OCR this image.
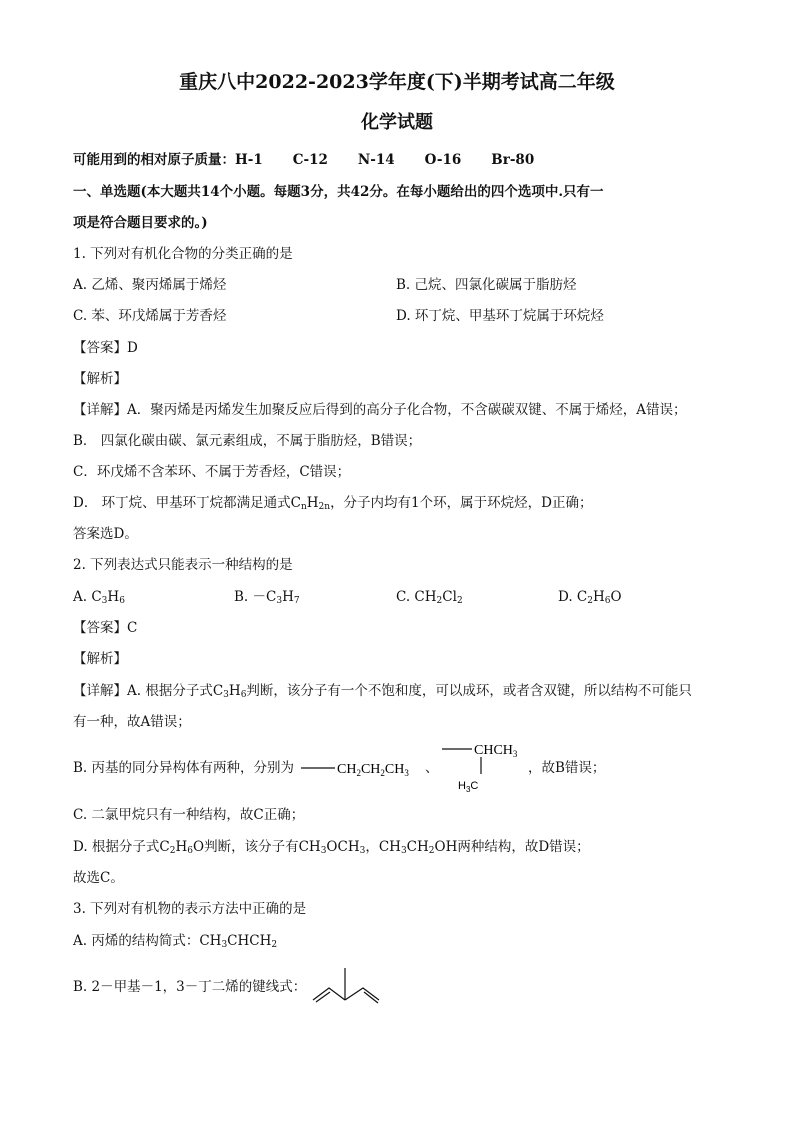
重庆八中2022-2023学年度(下)半期考试高二年级
化学试题
可能用到的相对原子质量：H-1 C-12 N-14 O-16 Br-80
一、单选题(本大题共14个小题。每题3分，共42分。在每小题给出的四个选项中.只有一
项是符合题目要求的。)
1. 下列对有机化合物的分类正确的是
A. 乙烯、聚丙烯属于烯烃	B. 己烷、四氯化碳属于脂肪烃
C. 苯、环戊烯属于芳香烃	D. 环丁烷、甲基环丁烷属于环烷烃
【答案】D
【解析】
【详解】A．聚丙烯是丙烯发生加聚反应后得到的高分子化合物，不含碳碳双键、不属于烯烃，A错误；
B． 四氯化碳由碳、氯元素组成，不属于脂肪烃，B错误；
C．环戊烯不含苯环、不属于芳香烃，C错误；
D． 环丁烷、甲基环丁烷都满足通式$C_nH_{2n}$，分子内均有1个环，属于环烷烃，D正确；
答案选D。
2. 下列表达式只能表示一种结构的是
A. $C_3H_6$	B. $-C_3H_7$	C. $CH_2Cl_2$	D. $C_2H_6O$
【答案】C
【解析】
【详解】A. 根据分子式$C_3H_6$判断，该分子有一个不饱和度，可以成环，或者含双键，所以结构不可能只
有一种，故A错误；
B. 丙基的同分异构体有两种，分别为	$CH_2CH_2CH_3$ 、
$CHCH_3$
$H_3C$
，故B错误；
C. 二氯甲烷只有一种结构，故C正确；
D. 根据分子式$C_2H_6O$判断，该分子有$CH_3OCH_3$，$CH_3CH_2OH$两种结构，故D错误；
故选C。
3. 下列对有机物的表示方法中正确的是
A. 丙烯的结构简式：$CH_3CHCH_2$
B. 2－甲基－1，3－丁二烯的键线式：
